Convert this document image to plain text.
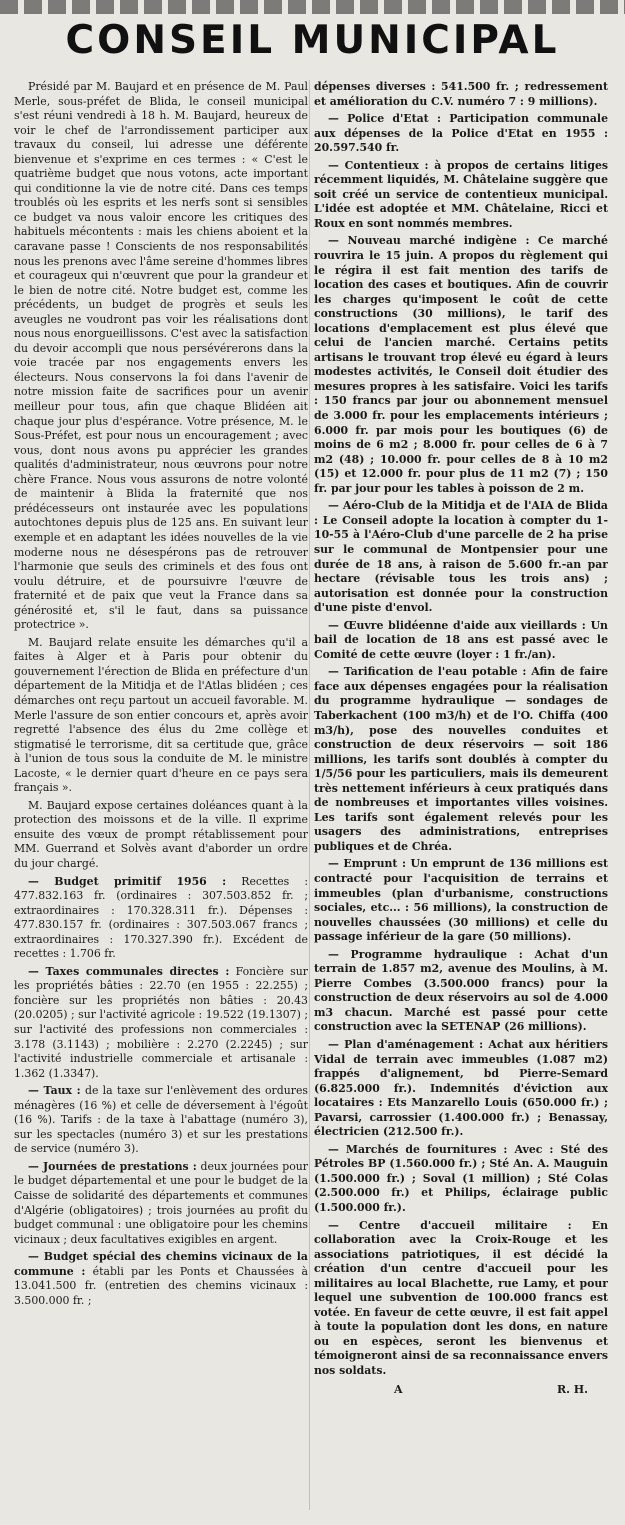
CONSEIL MUNICIPAL

Présidé par M. Baujard et en présence de M. Paul Merle, sous-préfet de Blida, le conseil municipal s'est réuni vendredi à 18 h. M. Baujard, heureux de voir le chef de l'arrondissement participer aux travaux du conseil, lui adresse une déférente bienvenue et s'exprime en ces termes : « C'est le quatrième budget que nous votons, acte important qui conditionne la vie de notre cité. Dans ces temps troublés où les esprits et les nerfs sont si sensibles ce budget va nous valoir encore les critiques des habituels mécontents : mais les chiens aboient et la caravane passe ! Conscients de nos responsabilités nous les prenons avec l'âme sereine d'hommes libres et courageux qui n'œuvrent que pour la grandeur et le bien de notre cité. Notre budget est, comme les précédents, un budget de progrès et seuls les aveugles ne voudront pas voir les réalisations dont nous nous enorgueillissons. C'est avec la satisfaction du devoir accompli que nous persévérerons dans la voie tracée par nos engagements envers les électeurs. Nous conservons la foi dans l'avenir de notre mission faite de sacrifices pour un avenir meilleur pour tous, afin que chaque Blidéen ait chaque jour plus d'espérance. Votre présence, M. le Sous-Préfet, est pour nous un encouragement ; avec vous, dont nous avons pu apprécier les grandes qualités d'administrateur, nous œuvrons pour notre chère France. Nous vous assurons de notre volonté de maintenir à Blida la fraternité que nos prédécesseurs ont instaurée avec les populations autochtones depuis plus de 125 ans. En suivant leur exemple et en adaptant les idées nouvelles de la vie moderne nous ne désespérons pas de retrouver l'harmonie que seuls des criminels et des fous ont voulu détruire, et de poursuivre l'œuvre de fraternité et de paix que veut la France dans sa générosité et, s'il le faut, dans sa puissance protectrice ».

M. Baujard relate ensuite les démarches qu'il a faites à Alger et à Paris pour obtenir du gouvernement l'érection de Blida en préfecture d'un département de la Mitidja et de l'Atlas blidéen ; ces démarches ont reçu partout un accueil favorable. M. Merle l'assure de son entier concours et, après avoir regretté l'absence des élus du 2me collège et stigmatisé le terrorisme, dit sa certitude que, grâce à l'union de tous sous la conduite de M. le ministre Lacoste, « le dernier quart d'heure en ce pays sera français ».

M. Baujard expose certaines doléances quant à la protection des moissons et de la ville. Il exprime ensuite des vœux de prompt rétablissement pour MM. Guerrand et Solvès avant d'aborder un ordre du jour chargé.

— Budget primitif 1956 : Recettes : 477.832.163 fr. (ordinaires : 307.503.852 fr. ; extraordinaires : 170.328.311 fr.). Dépenses : 477.830.157 fr. (ordinaires : 307.503.067 francs ; extraordinaires : 170.327.390 fr.). Excédent de recettes : 1.706 fr.

— Taxes communales directes : Foncière sur les propriétés bâties : 22.70 (en 1955 : 22.255) ; foncière sur les propriétés non bâties : 20.43 (20.0205) ; sur l'activité agricole : 19.522 (19.1307) ; sur l'activité des professions non commerciales : 3.178 (3.1143) ; mobilière : 2.270 (2.2245) ; sur l'activité industrielle commerciale et artisanale : 1.362 (1.3347).

— Taux : de la taxe sur l'enlèvement des ordures ménagères (16 %) et celle de déversement à l'égoût (16 %). Tarifs : de la taxe à l'abattage (numéro 3), sur les spectacles (numéro 3) et sur les prestations de service (numéro 3).

— Journées de prestations : deux journées pour le budget départemental et une pour le budget de la Caisse de solidarité des départements et communes d'Algérie (obligatoires) ; trois journées au profit du budget communal : une obligatoire pour les chemins vicinaux ; deux facultatives exigibles en argent.

— Budget spécial des chemins vicinaux de la commune : établi par les Ponts et Chaussées à 13.041.500 fr. (entretien des chemins vicinaux : 3.500.000 fr. ;

dépenses diverses : 541.500 fr. ; redressement et amélioration du C.V. numéro 7 : 9 millions).

— Police d'Etat : Participation communale aux dépenses de la Police d'Etat en 1955 : 20.597.540 fr.

— Contentieux : à propos de certains litiges récemment liquidés, M. Châtelaine suggère que soit créé un service de contentieux municipal. L'idée est adoptée et MM. Châtelaine, Ricci et Roux en sont nommés membres.

— Nouveau marché indigène : Ce marché rouvrira le 15 juin. A propos du règlement qui le régira il est fait mention des tarifs de location des cases et boutiques. Afin de couvrir les charges qu'imposent le coût de cette constructions (30 millions), le tarif des locations d'emplacement est plus élevé que celui de l'ancien marché. Certains petits artisans le trouvant trop élevé eu égard à leurs modestes activités, le Conseil doit étudier des mesures propres à les satisfaire. Voici les tarifs : 150 francs par jour ou abonnement mensuel de 3.000 fr. pour les emplacements intérieurs ; 6.000 fr. par mois pour les boutiques (6) de moins de 6 m2 ; 8.000 fr. pour celles de 6 à 7 m2 (48) ; 10.000 fr. pour celles de 8 à 10 m2 (15) et 12.000 fr. pour plus de 11 m2 (7) ; 150 fr. par jour pour les tables à poisson de 2 m.

— Aéro-Club de la Mitidja et de l'AIA de Blida : Le Conseil adopte la location à compter du 1-10-55 à l'Aéro-Club d'une parcelle de 2 ha prise sur le communal de Montpensier pour une durée de 18 ans, à raison de 5.600 fr.-an par hectare (révisable tous les trois ans) ; autorisation est donnée pour la construction d'une piste d'envol.

— Œuvre blidéenne d'aide aux vieillards : Un bail de location de 18 ans est passé avec le Comité de cette œuvre (loyer : 1 fr./an).

— Tarification de l'eau potable : Afin de faire face aux dépenses engagées pour la réalisation du programme hydraulique — sondages de Taberkachent (100 m3/h) et de l'O. Chiffa (400 m3/h), pose des nouvelles conduites et construction de deux réservoirs — soit 186 millions, les tarifs sont doublés à compter du 1/5/56 pour les particuliers, mais ils demeurent très nettement inférieurs à ceux pratiqués dans de nombreuses et importantes villes voisines. Les tarifs sont également relevés pour les usagers des administrations, entreprises publiques et de Chréa.

— Emprunt : Un emprunt de 136 millions est contracté pour l'acquisition de terrains et immeubles (plan d'urbanisme, constructions sociales, etc... : 56 millions), la construction de nouvelles chaussées (30 millions) et celle du passage inférieur de la gare (50 millions).

— Programme hydraulique : Achat d'un terrain de 1.857 m2, avenue des Moulins, à M. Pierre Combes (3.500.000 francs) pour la construction de deux réservoirs au sol de 4.000 m3 chacun. Marché est passé pour cette construction avec la SETENAP (26 millions).

— Plan d'aménagement : Achat aux héritiers Vidal de terrain avec immeubles (1.087 m2) frappés d'alignement, bd Pierre-Semard (6.825.000 fr.). Indemnités d'éviction aux locataires : Ets Manzarello Louis (650.000 fr.) ; Pavarsi, carrossier (1.400.000 fr.) ; Benassay, électricien (212.500 fr.).

— Marchés de fournitures : Avec : Sté des Pétroles BP (1.560.000 fr.) ; Sté An. A. Mauguin (1.500.000 fr.) ; Soval (1 million) ; Sté Colas (2.500.000 fr.) et Philips, éclairage public (1.500.000 fr.).

— Centre d'accueil militaire : En collaboration avec la Croix-Rouge et les associations patriotiques, il est décidé la création d'un centre d'accueil pour les militaires au local Blachette, rue Lamy, et pour lequel une subvention de 100.000 francs est votée. En faveur de cette œuvre, il est fait appel à toute la population dont les dons, en nature ou en espèces, seront les bienvenus et témoigneront ainsi de sa reconnaissance envers nos soldats.

A	R. H.
